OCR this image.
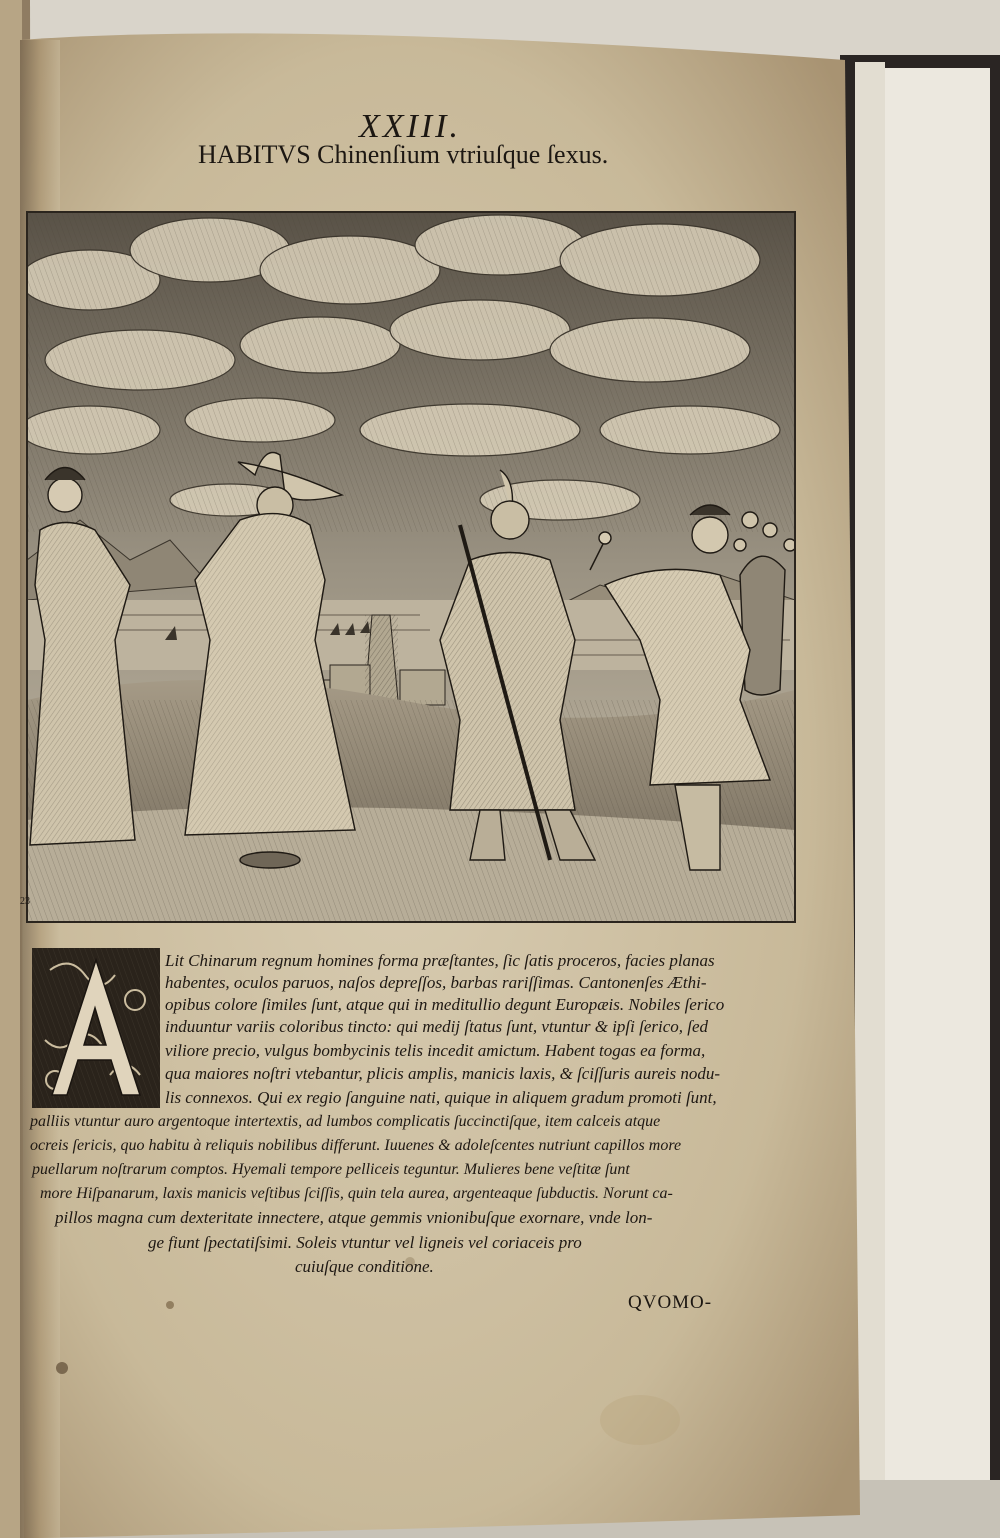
XXIII.
HABITVS Chinenſium vtriuſque ſexus.
23
Lit Chinarum regnum homines forma præſtantes, ſic ſatis proceros, facies planas
habentes, oculos paruos, naſos depreſſos, barbas rariſſimas. Cantonenſes Æthi-
opibus colore ſimiles ſunt, atque qui in meditullio degunt Europæis. Nobiles ſerico
induuntur variis coloribus tincto: qui medij ſtatus ſunt, vtuntur & ipſi ſerico, ſed
viliore precio, vulgus bombycinis telis incedit amictum. Habent togas ea forma,
qua maiores noſtri vtebantur, plicis amplis, manicis laxis, & ſciſſuris aureis nodu-
lis connexos. Qui ex regio ſanguine nati, quique in aliquem gradum promoti ſunt,
palliis vtuntur auro argentoque intertextis, ad lumbos complicatis ſuccinctiſque, item calceis atque
ocreis ſericis, quo habitu à reliquis nobilibus differunt. Iuuenes & adoleſcentes nutriunt capillos more
puellarum noſtrarum comptos. Hyemali tempore pelliceis teguntur. Mulieres bene veſtitæ ſunt
more Hiſpanarum, laxis manicis veſtibus ſciſſis, quin tela aurea, argenteaque ſubductis. Norunt ca-
pillos magna cum dexteritate innectere, atque gemmis vnionibuſque exornare, vnde lon-
ge fiunt ſpectatiſsimi. Soleis vtuntur vel ligneis vel coriaceis pro
cuiuſque conditione.
QVOMO-
